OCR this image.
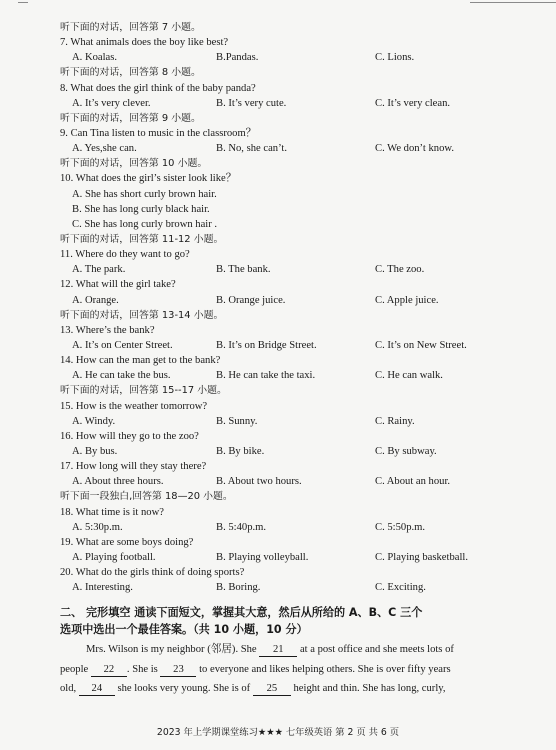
听下面的对话，回答第 7 小题。
7. What animals does the boy like best?
A. Koalas.	B.Pandas.	C. Lions.
听下面的对话，回答第 8 小题。
8. What does the girl think of the baby panda?
A. It’s very clever.	B. It’s very cute.	C. It’s very clean.
听下面的对话，回答第 9 小题。
9. Can Tina listen to music in the classroom？
A. Yes,she can.	B. No, she can’t.	C. We don’t know.
听下面的对话，回答第 10 小题。
10. What does the girl’s sister look like？
A. She has short curly brown hair.
B. She has long curly black hair.
C. She has long curly brown hair .
听下面的对话，回答第 11-12 小题。
11. Where do they want to go?
A. The park.	B. The bank.	C. The zoo.
12. What will the girl take?
A. Orange.	B. Orange juice.	C. Apple juice.
听下面的对话，回答第 13-14 小题。
13. Where’s the bank?
A. It’s on Center Street.	B. It’s on Bridge Street.	C. It’s on New Street.
14. How can the man get to the bank?
A. He can take the bus.	B. He can take the taxi.	C. He can walk.
听下面的对话，回答第 15--17 小题。
15. How is the weather tomorrow?
A. Windy.	B. Sunny.	C. Rainy.
16. How will they go to the zoo?
A. By bus.	B. By bike.	C. By subway.
17. How long will they stay there?
A. About three hours.	B. About two hours.	C. About an hour.
听下面一段独白,回答第 18—20 小题。
18. What time is it now?
A. 5:30p.m.	B. 5:40p.m.	C. 5:50p.m.
19. What are some boys doing?
A. Playing football.	B. Playing volleyball.	C. Playing basketball.
20. What do the girls think of doing sports?
A. Interesting.	B. Boring.	C. Exciting.
二、 完形填空 通读下面短文，掌握其大意，然后从所给的 A、B、C 三个
选项中选出一个最佳答案。（共 10 小题，10 分）
Mrs. Wilson is my neighbor (邻居). She 21 at a post office and she meets lots of
people 22 . She is 23 to everyone and likes helping others. She is over fifty years
old, 24 she looks very young. She is of 25 height and thin. She has long, curly,
2023 年上学期课堂练习★★★ 七年级英语 第 2 页 共 6 页
